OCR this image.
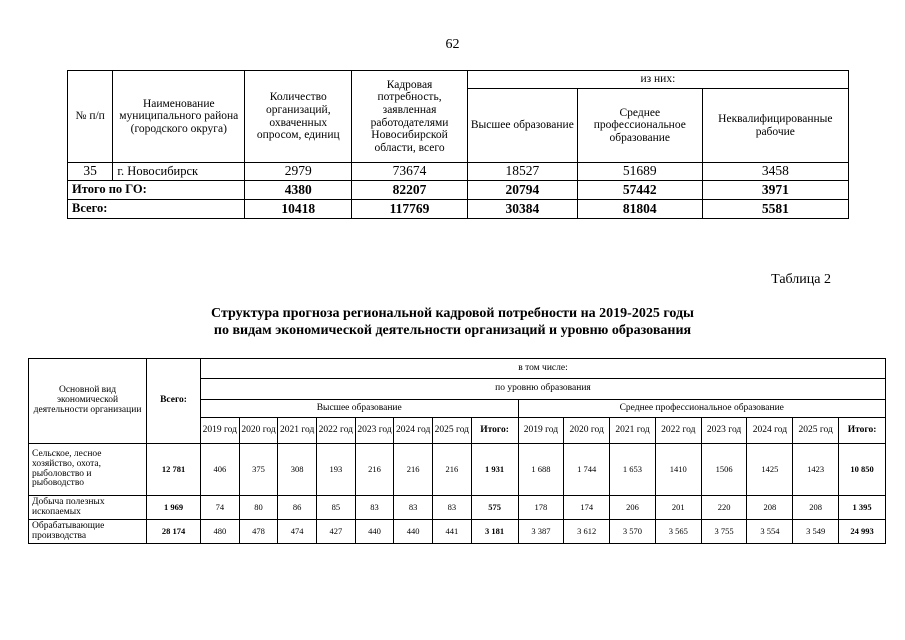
62
№ п/п	Наименование муниципального района (городского округа)	Количество организаций, охваченных опросом, единиц	Кадровая потребность, заявленная работодателями Новосибирской области, всего	из них:		
				Высшее образование	Среднее профессиональное образование	Неквалифицированные рабочие
35	г. Новосибирск	2979	73674	18527	51689	3458
Итого по ГО:		4380	82207	20794	57442	3971
Всего:		10418	117769	30384	81804	5581
Таблица 2
Структура прогноза региональной кадровой потребности на 2019-2025 годы
по видам экономической деятельности организаций и уровню образования
Основной вид экономической деятельности организации	Всего:	в том числе:															
		по уровню образования															
		Высшее образование								Среднее профессиональное образование							
		2019 год	2020 год	2021 год	2022 год	2023 год	2024 год	2025 год	Итого:	2019 год	2020 год	2021 год	2022 год	2023 год	2024 год	2025 год	Итого:
Сельское, лесное хозяйство, охота, рыболовство и рыбоводство	12 781	406	375	308	193	216	216	216	1 931	1 688	1 744	1 653	1410	1506	1425	1423	10 850
Добыча полезных ископаемых	1 969	74	80	86	85	83	83	83	575	178	174	206	201	220	208	208	1 395
Обрабатывающие производства	28 174	480	478	474	427	440	440	441	3 181	3 387	3 612	3 570	3 565	3 755	3 554	3 549	24 993
